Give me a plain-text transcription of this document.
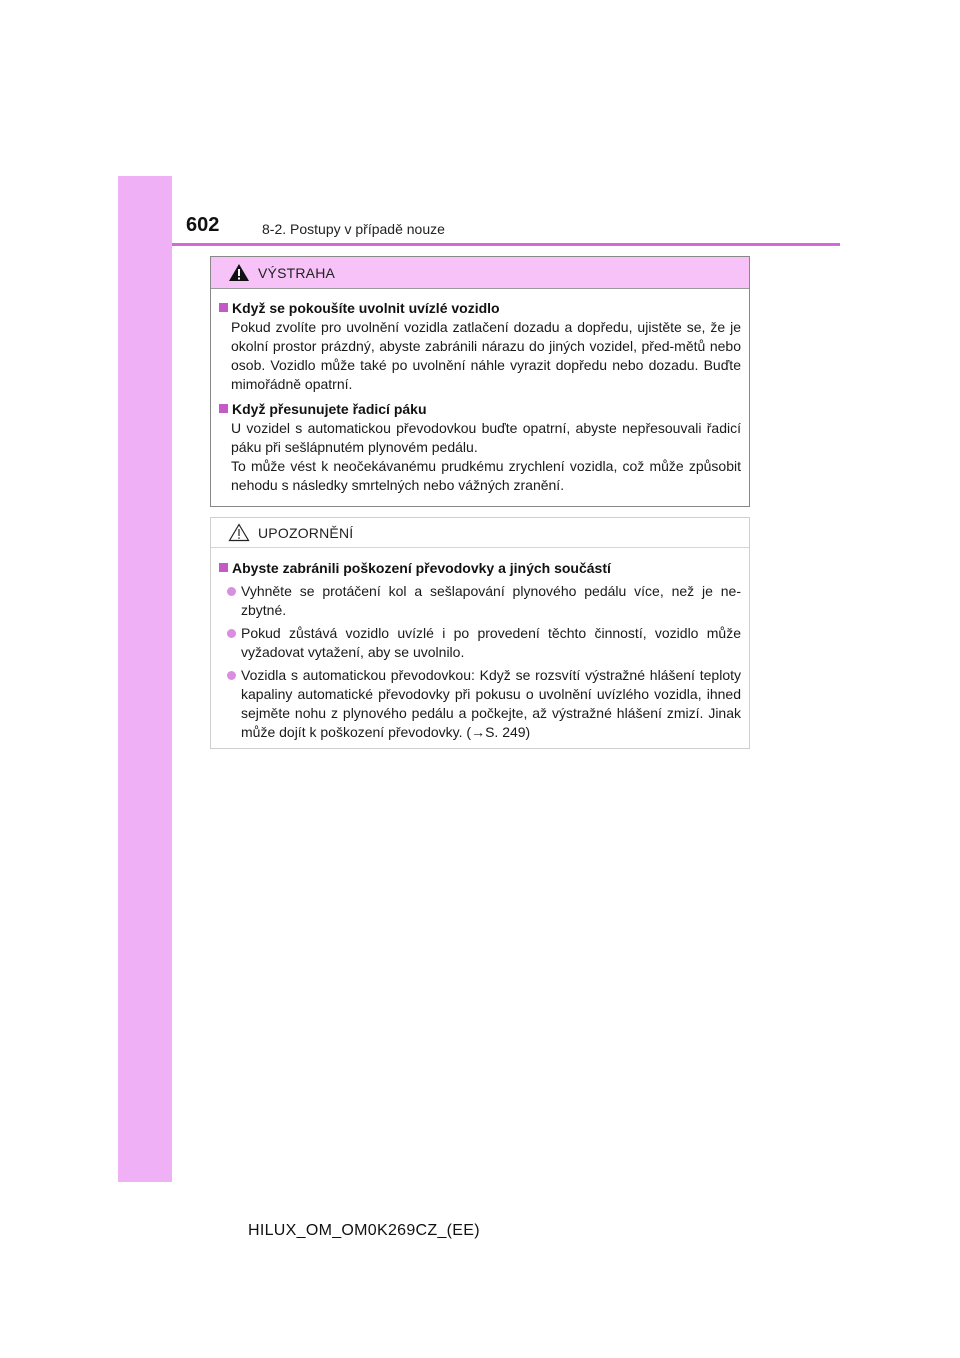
602	8-2. Postupy v případě nouze
VÝSTRAHA
Když se pokoušíte uvolnit uvízlé vozidlo
Pokud zvolíte pro uvolnění vozidla zatlačení dozadu a dopředu, ujistěte se, že je okolní prostor prázdný, abyste zabránili nárazu do jiných vozidel, před-mětů nebo osob. Vozidlo může také po uvolnění náhle vyrazit dopředu nebo dozadu. Buďte mimořádně opatrní.
Když přesunujete řadicí páku
U vozidel s automatickou převodovkou buďte opatrní, abyste nepřesouvali řadicí páku při sešlápnutém plynovém pedálu.
To může vést k neočekávanému prudkému zrychlení vozidla, což může způsobit nehodu s následky smrtelných nebo vážných zranění.
UPOZORNĚNÍ
Abyste zabránili poškození převodovky a jiných součástí
Vyhněte se protáčení kol a sešlapování plynového pedálu více, než je ne-zbytné.
Pokud zůstává vozidlo uvízlé i po provedení těchto činností, vozidlo může vyžadovat vytažení, aby se uvolnilo.
Vozidla s automatickou převodovkou: Když se rozsvítí výstražné hlášení teploty kapaliny automatické převodovky při pokusu o uvolnění uvízlého vozidla, ihned sejměte nohu z plynového pedálu a počkejte, až výstražné hlášení zmizí. Jinak může dojít k poškození převodovky. (→S. 249)
HILUX_OM_OM0K269CZ_(EE)
